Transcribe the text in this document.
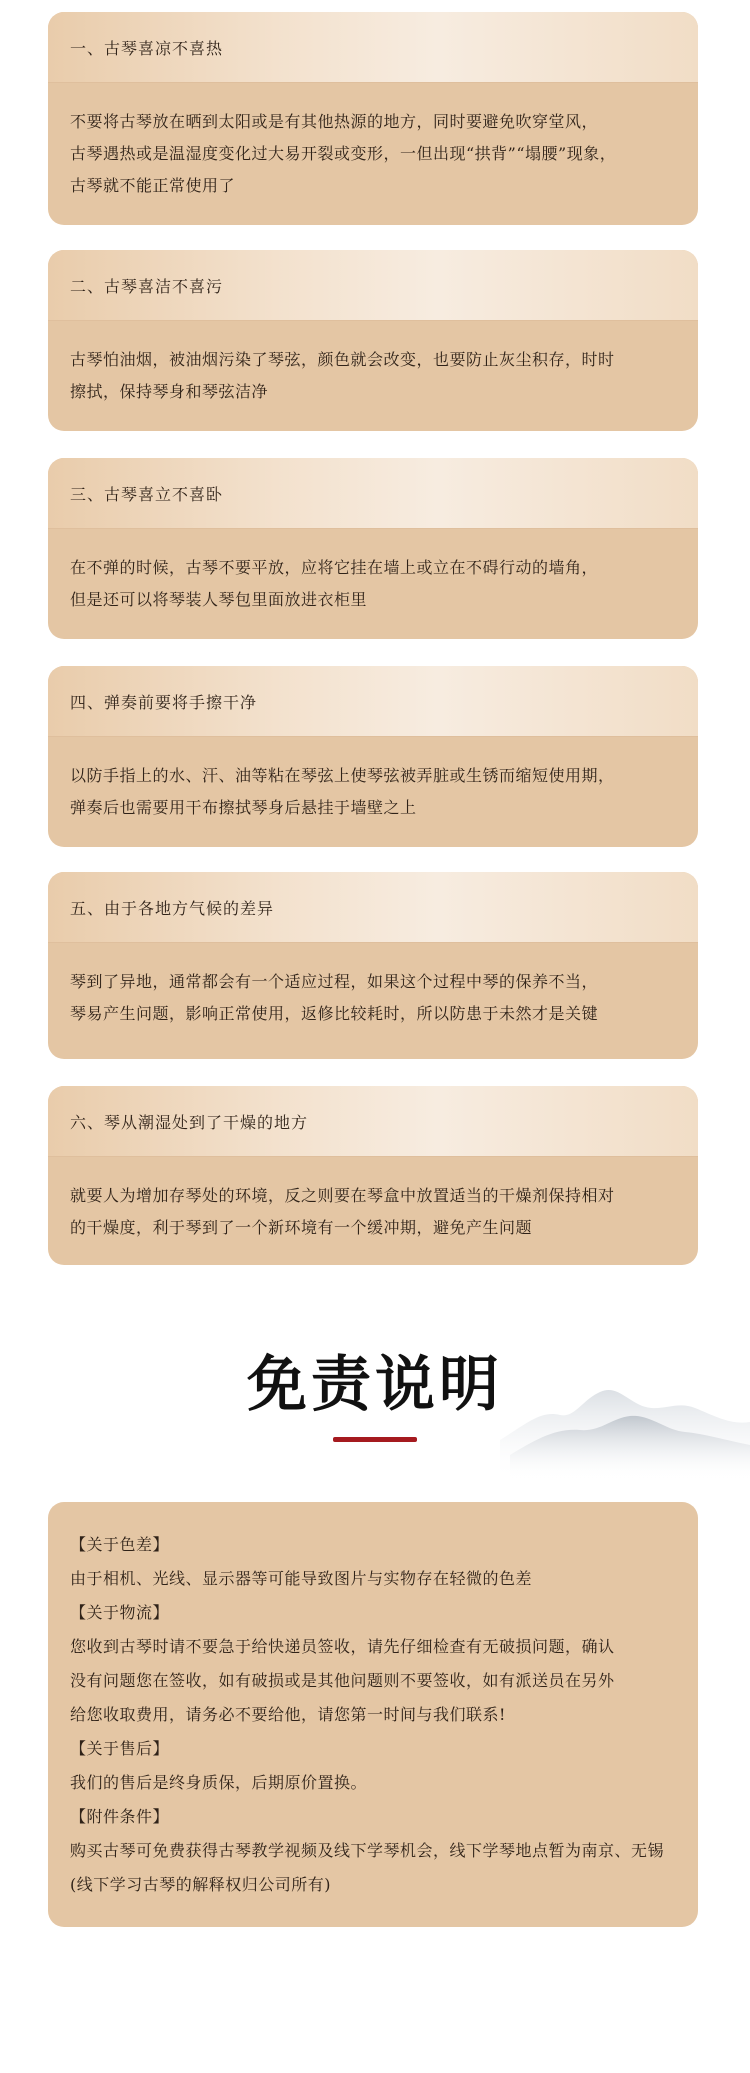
一、古琴喜凉不喜热

不要将古琴放在晒到太阳或是有其他热源的地方，同时要避免吹穿堂风，

古琴遇热或是温湿度变化过大易开裂或变形，一但出现“拱背”“塌腰”现象，

古琴就不能正常使用了

二、古琴喜洁不喜污

古琴怕油烟，被油烟污染了琴弦，颜色就会改变，也要防止灰尘积存，时时

擦拭，保持琴身和琴弦洁净

三、古琴喜立不喜卧

在不弹的时候，古琴不要平放，应将它挂在墙上或立在不碍行动的墙角，

但是还可以将琴装人琴包里面放进衣柜里

四、弹奏前要将手擦干净

以防手指上的水、汗、油等粘在琴弦上使琴弦被弄脏或生锈而缩短使用期，

弹奏后也需要用干布擦拭琴身后悬挂于墙壁之上

五、由于各地方气候的差异

琴到了异地，通常都会有一个适应过程，如果这个过程中琴的保养不当，

琴易产生问题，影响正常使用，返修比较耗时，所以防患于未然才是关键

六、琴从潮湿处到了干燥的地方

就要人为增加存琴处的环境，反之则要在琴盒中放置适当的干燥剂保持相对

的干燥度，利于琴到了一个新环境有一个缓冲期，避免产生问题

免责说明
【关于色差】
由于相机、光线、显示器等可能导致图片与实物存在轻微的色差
【关于物流】
您收到古琴时请不要急于给快递员签收，请先仔细检查有无破损问题，确认
没有问题您在签收，如有破损或是其他问题则不要签收，如有派送员在另外
给您收取费用，请务必不要给他，请您第一时间与我们联系!
【关于售后】
我们的售后是终身质保，后期原价置换。
【附件条件】
购买古琴可免费获得古琴教学视频及线下学琴机会，线下学琴地点暂为南京、无锡
(线下学习古琴的解释权归公司所有)
